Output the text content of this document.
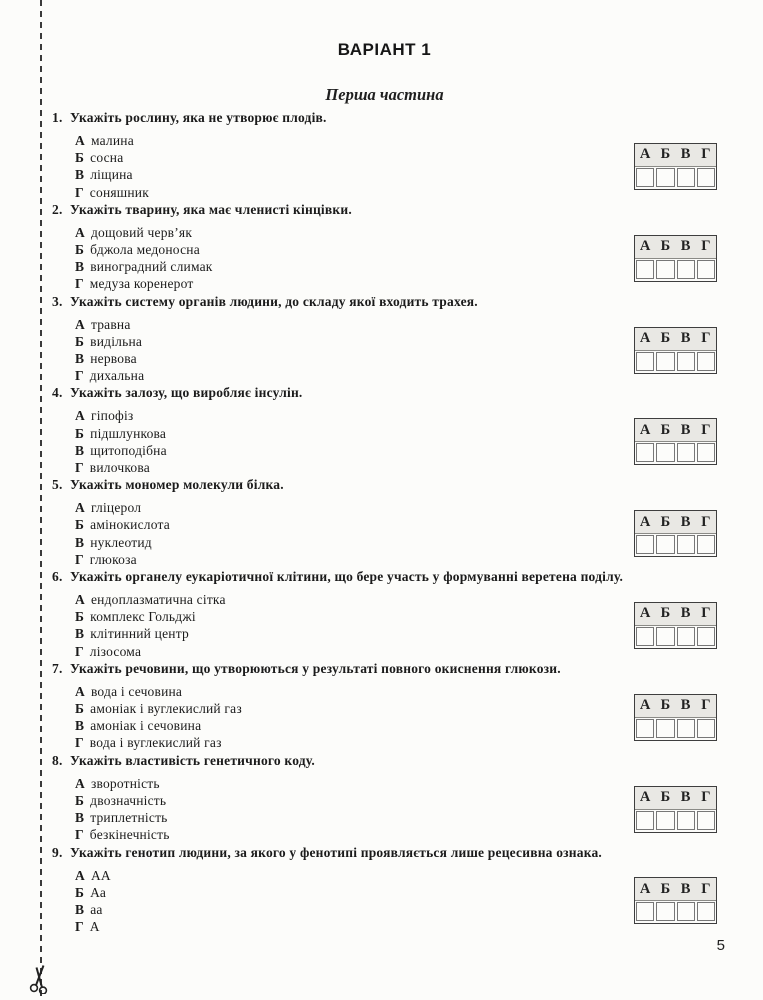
ВАРІАНТ 1
Перша частина
1. Укажіть рослину, яка не утворює плодів.
А малина
Б сосна
В ліщина
Г соняшник
А Б В Г
2. Укажіть тварину, яка має членисті кінцівки.
А дощовий черв’як
Б бджола медоносна
В виноградний слимак
Г медуза коренерот
А Б В Г
3. Укажіть систему органів людини, до складу якої входить трахея.
А травна
Б видільна
В нервова
Г дихальна
А Б В Г
4. Укажіть залозу, що виробляє інсулін.
А гіпофіз
Б підшлункова
В щитоподібна
Г вилочкова
А Б В Г
5. Укажіть мономер молекули білка.
А гліцерол
Б амінокислота
В нуклеотид
Г глюкоза
А Б В Г
6. Укажіть органелу еукаріотичної клітини, що бере участь у формуванні веретена поділу.
А ендоплазматична сітка
Б комплекс Гольджі
В клітинний центр
Г лізосома
А Б В Г
7. Укажіть речовини, що утворюються у результаті повного окиснення глюкози.
А вода і сечовина
Б амоніак і вуглекислий газ
В амоніак і сечовина
Г вода і вуглекислий газ
А Б В Г
8. Укажіть властивість генетичного коду.
А зворотність
Б двозначність
В триплетність
Г безкінечність
А Б В Г
9. Укажіть генотип людини, за якого у фенотипі проявляється лише рецесивна ознака.
А АА
Б Аа
В аа
Г А
А Б В Г
5
